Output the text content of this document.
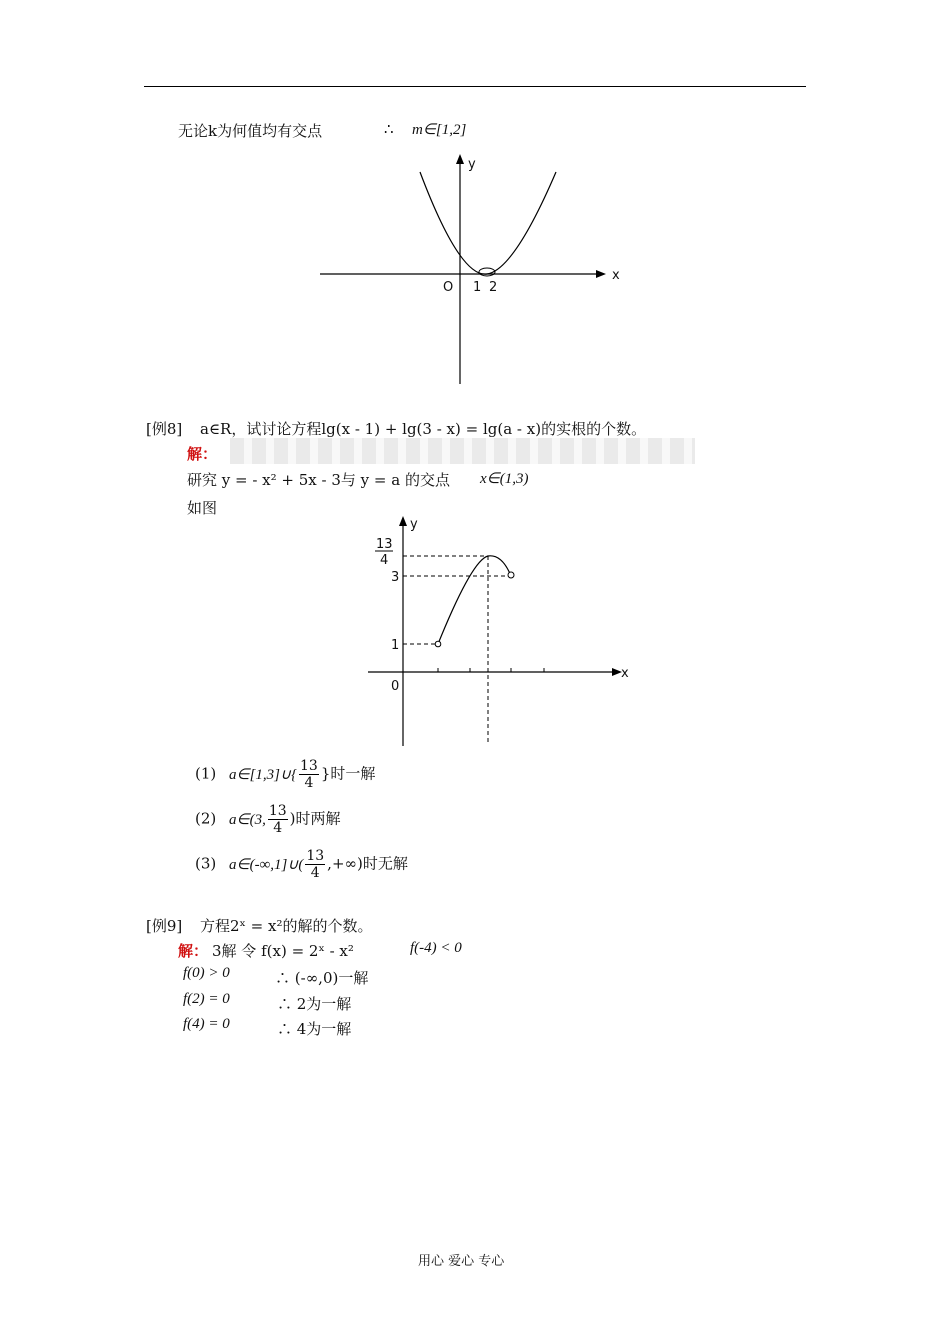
无论k为何值均有交点	∴ m∈[1,2]
y
x
O 1 2
[例8] a∈R，试讨论方程lg(x - 1) + lg(3 - x) = lg(a - x)的实根的个数。
解：
研究 y = - x² + 5x - 3与 y = a 的交点 x∈(1,3)
如图
y
x
0
1
3
13
4
(1) a∈[1,3]∪{ $\frac{13}{4}$ }时一解
(2) a∈(3, $\frac{13}{4}$ )时两解
(3) a∈(-∞,1]∪( $\frac{13}{4}$ ,+∞)时无解
[例9] 方程2ˣ = x²的解的个数。
解： 3解 令 f(x) = 2ˣ - x²	f(-4) < 0
f(0) > 0	∴ (-∞,0)一解
f(2) = 0	∴ 2为一解
f(4) = 0	∴ 4为一解
用心 爱心 专心
